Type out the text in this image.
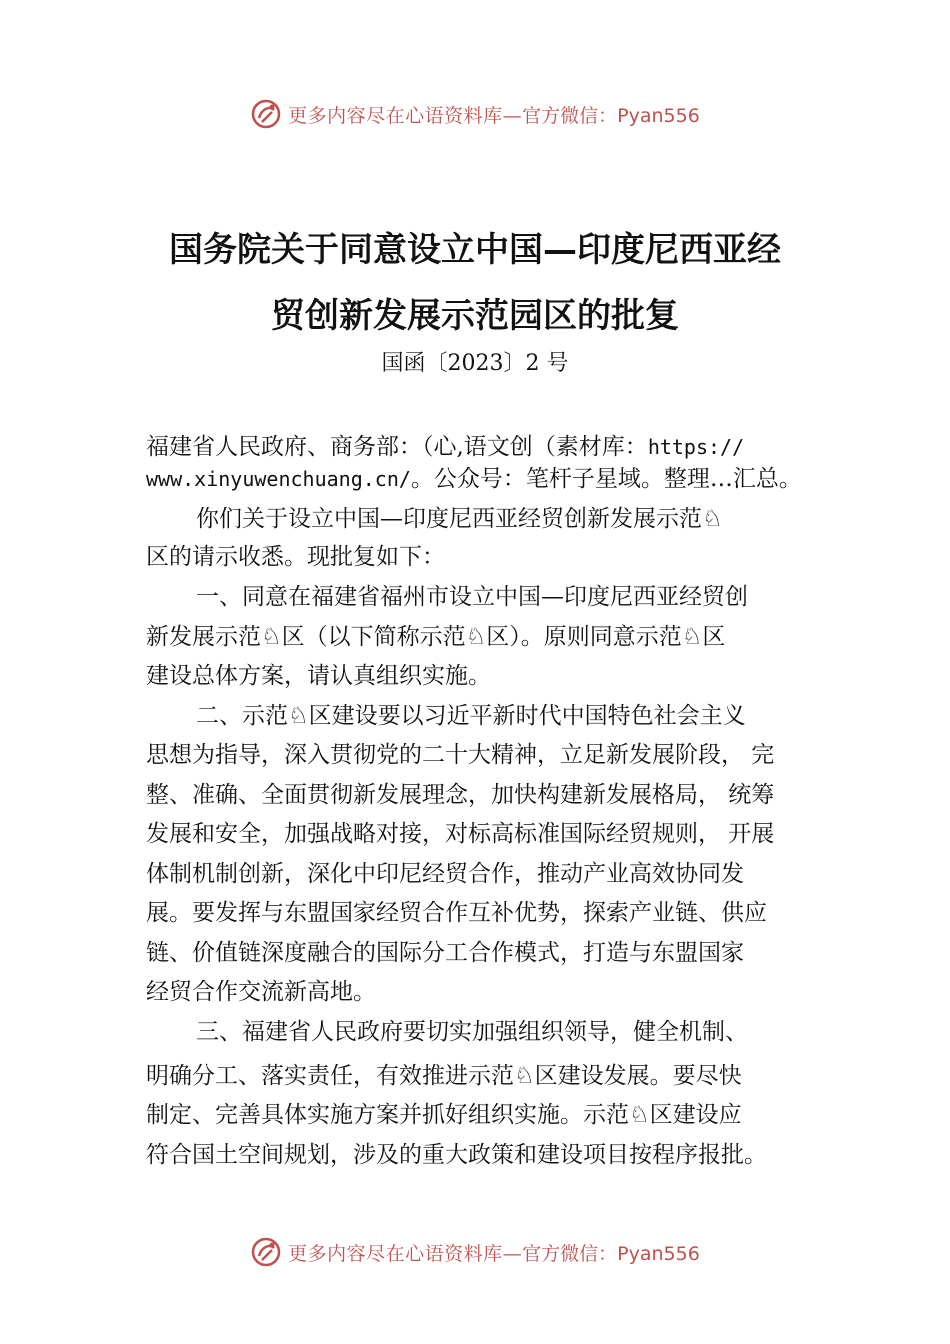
更多内容尽在心语资料库— 官方微信：Pyan556
国务院关于同意设立中国—印度尼西亚经
贸创新发展示范园区的批复
国函〔2023〕2 号
福建省人民政府、商务部：（心,语文创（素材库：https://
www.xinyuwenchuang.cn/。公众号：笔杆子星域。整理…汇总。
你们关于设立中国—印度尼西亚经贸创新发展示范♘
区的请示收悉。现批复如下：
一、同意在福建省福州市设立中国—印度尼西亚经贸创
新发展示范♘区（以下简称示范♘区）。原则同意示范♘区
建设总体方案，请认真组织实施。
二、示范♘区建设要以习近平新时代中国特色社会主义
思想为指导，深入贯彻党的二十大精神，立足新发展阶段， 完
整、准确、全面贯彻新发展理念，加快构建新发展格局， 统筹
发展和安全，加强战略对接，对标高标准国际经贸规则， 开展
体制机制创新，深化中印尼经贸合作，推动产业高效协同发
展。要发挥与东盟国家经贸合作互补优势，探索产业链、供应
链、价值链深度融合的国际分工合作模式，打造与东盟国家
经贸合作交流新高地。
三、福建省人民政府要切实加强组织领导，健全机制、
明确分工、落实责任，有效推进示范♘区建设发展。要尽快
制定、完善具体实施方案并抓好组织实施。示范♘区建设应
符合国土空间规划，涉及的重大政策和建设项目按程序报批。
更多内容尽在心语资料库— 官方微信：Pyan556
